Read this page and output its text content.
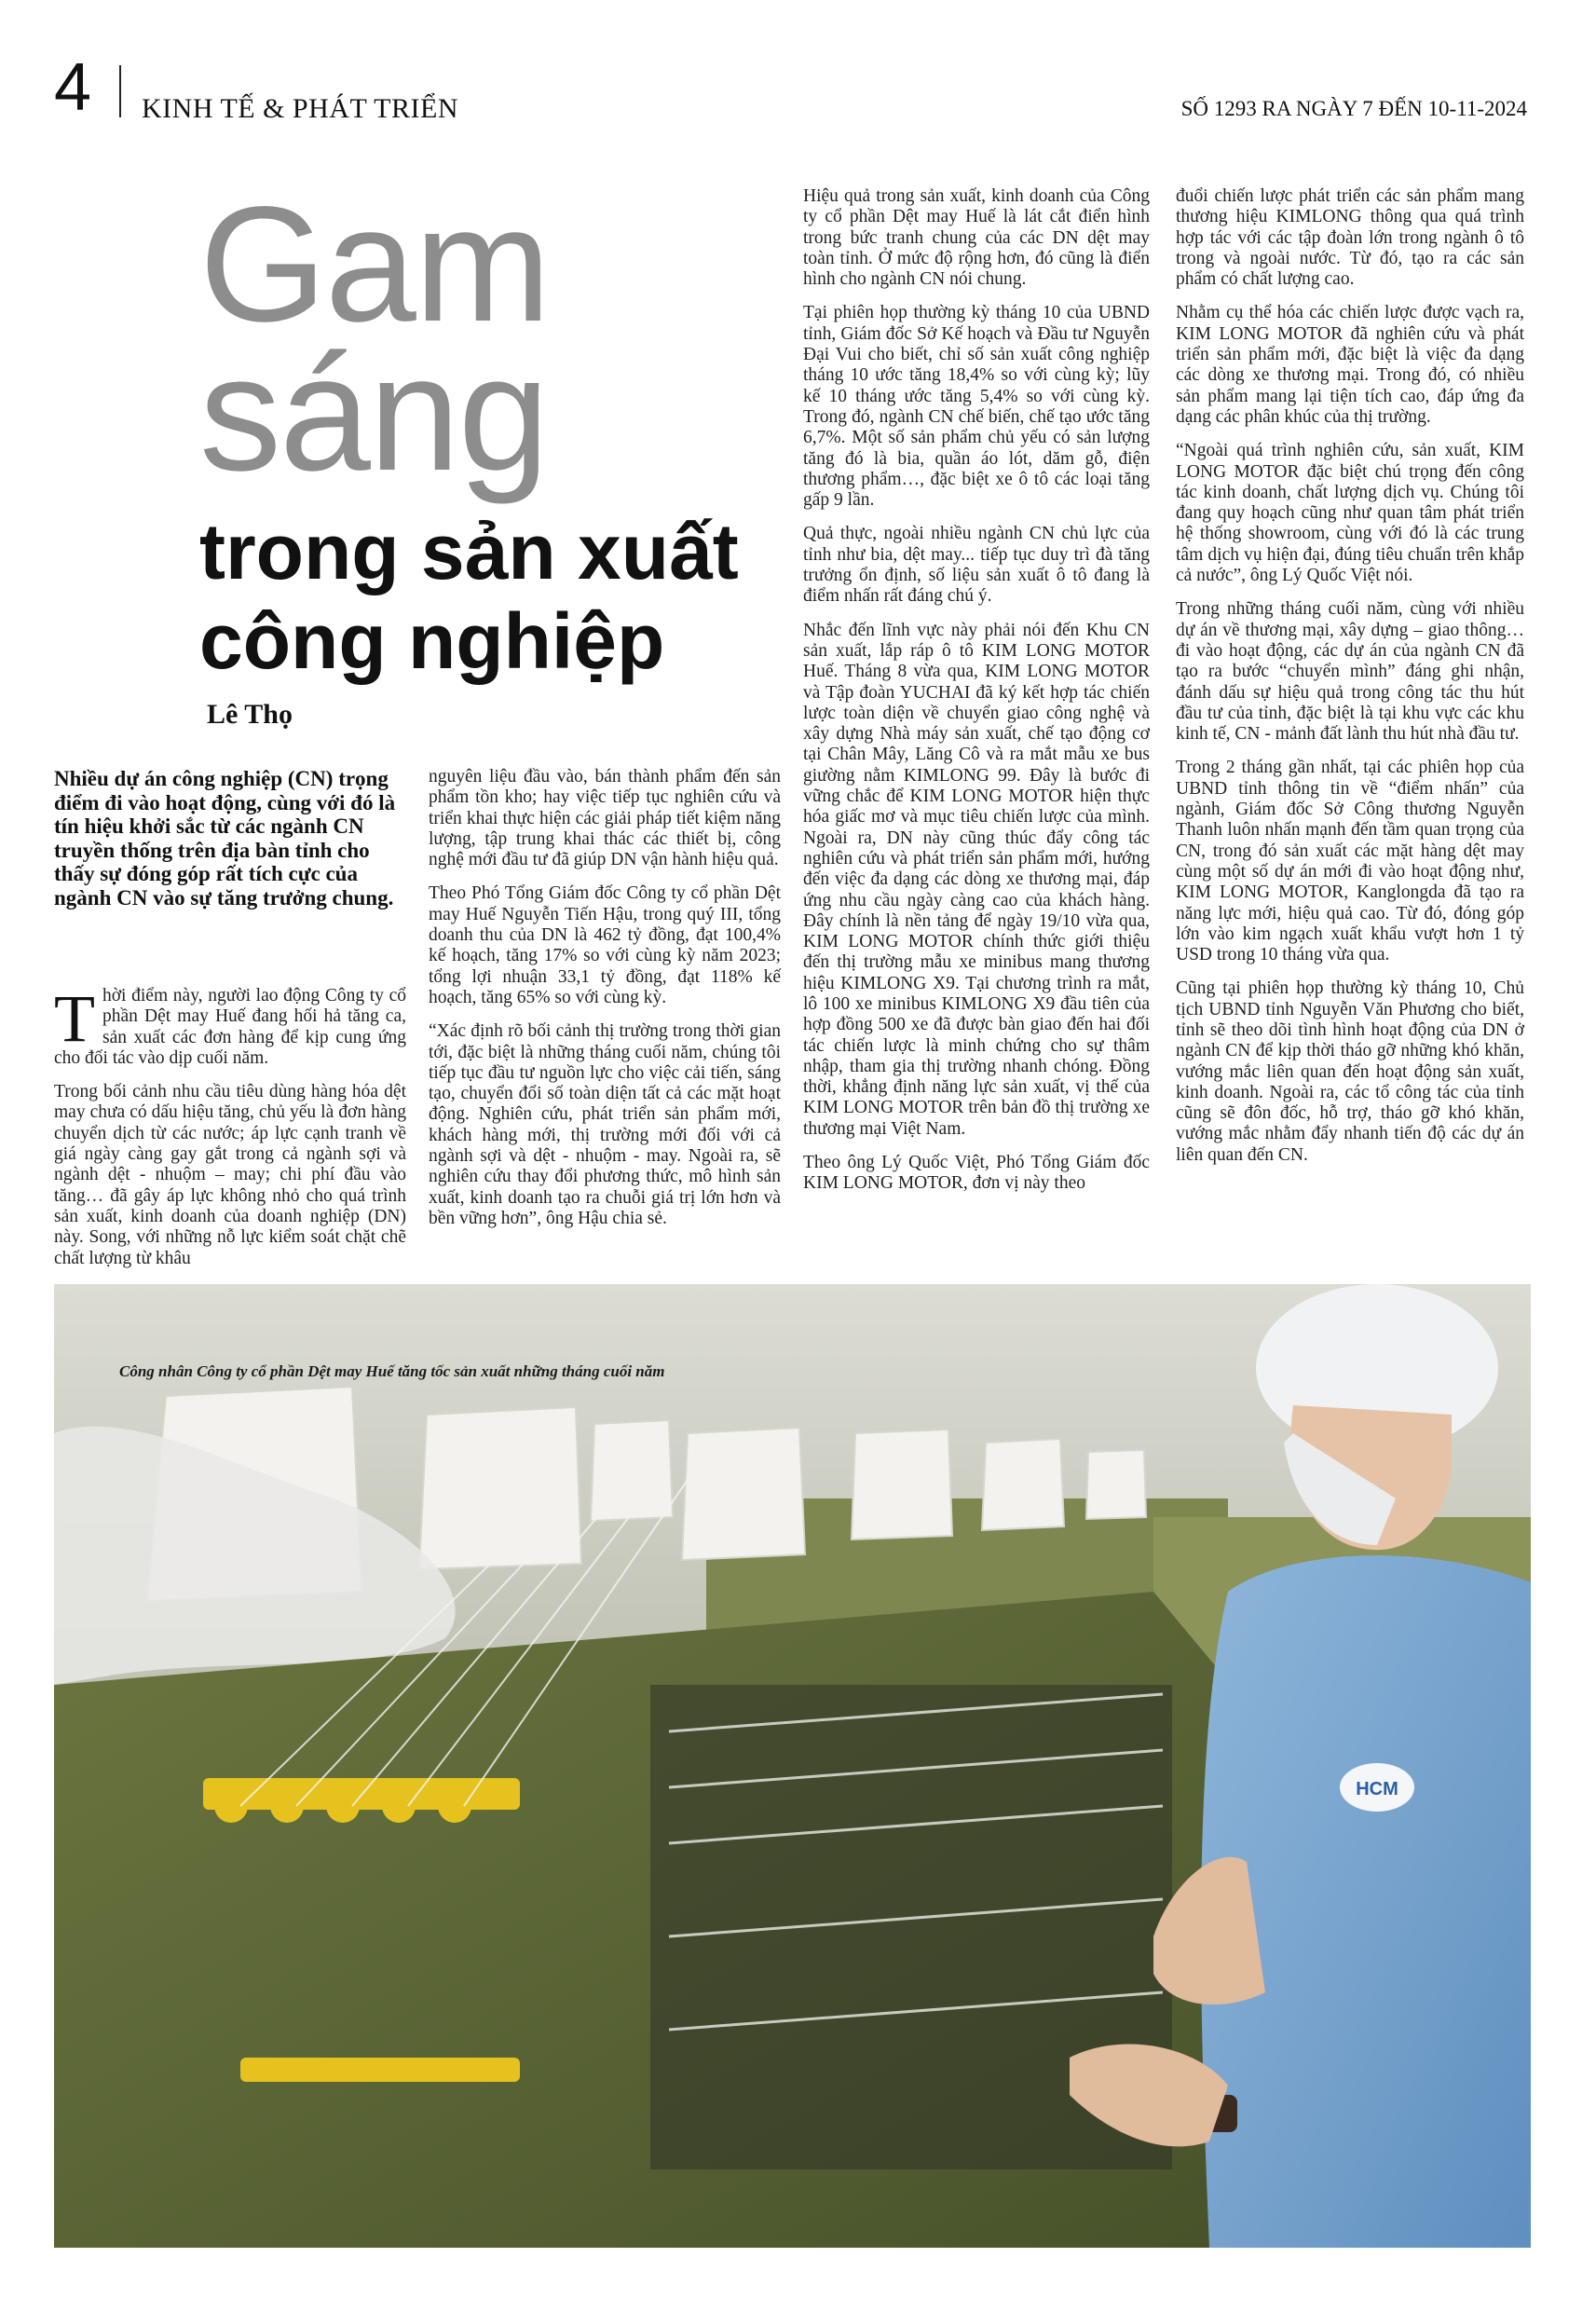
4 KINH TẾ & PHÁT TRIỂN	SỐ 1293 RA NGÀY 7 ĐẾN 10-11-2024
Gam
sáng
trong sản xuất
công nghiệp
Lê Thọ
Nhiều dự án công nghiệp (CN) trọng điểm đi vào hoạt động, cùng với đó là tín hiệu khởi sắc từ các ngành CN truyền thống trên địa bàn tỉnh cho thấy sự đóng góp rất tích cực của ngành CN vào sự tăng trưởng chung.

Thời điểm này, người lao động Công ty cổ phần Dệt may Huế đang hối hả tăng ca, sản xuất các đơn hàng để kịp cung ứng cho đối tác vào dịp cuối năm.

Trong bối cảnh nhu cầu tiêu dùng hàng hóa dệt may chưa có dấu hiệu tăng, chủ yếu là đơn hàng chuyển dịch từ các nước; áp lực cạnh tranh về giá ngày càng gay gắt trong cả ngành sợi và ngành dệt - nhuộm – may; chi phí đầu vào tăng… đã gây áp lực không nhỏ cho quá trình sản xuất, kinh doanh của doanh nghiệp (DN) này. Song, với những nỗ lực kiểm soát chặt chẽ chất lượng từ khâu

nguyên liệu đầu vào, bán thành phẩm đến sản phẩm tồn kho; hay việc tiếp tục nghiên cứu và triển khai thực hiện các giải pháp tiết kiệm năng lượng, tập trung khai thác các thiết bị, công nghệ mới đầu tư đã giúp DN vận hành hiệu quả.

Theo Phó Tổng Giám đốc Công ty cổ phần Dệt may Huế Nguyễn Tiến Hậu, trong quý III, tổng doanh thu của DN là 462 tỷ đồng, đạt 100,4% kế hoạch, tăng 17% so với cùng kỳ năm 2023; tổng lợi nhuận 33,1 tỷ đồng, đạt 118% kế hoạch, tăng 65% so với cùng kỳ.

“Xác định rõ bối cảnh thị trường trong thời gian tới, đặc biệt là những tháng cuối năm, chúng tôi tiếp tục đầu tư nguồn lực cho việc cải tiến, sáng tạo, chuyển đổi số toàn diện tất cả các mặt hoạt động. Nghiên cứu, phát triển sản phẩm mới, khách hàng mới, thị trường mới đối với cả ngành sợi và dệt - nhuộm - may. Ngoài ra, sẽ nghiên cứu thay đổi phương thức, mô hình sản xuất, kinh doanh tạo ra chuỗi giá trị lớn hơn và bền vững hơn”, ông Hậu chia sẻ.

Hiệu quả trong sản xuất, kinh doanh của Công ty cổ phần Dệt may Huế là lát cắt điển hình trong bức tranh chung của các DN dệt may toàn tỉnh. Ở mức độ rộng hơn, đó cũng là điển hình cho ngành CN nói chung.

Tại phiên họp thường kỳ tháng 10 của UBND tỉnh, Giám đốc Sở Kế hoạch và Đầu tư Nguyễn Đại Vui cho biết, chỉ số sản xuất công nghiệp tháng 10 ước tăng 18,4% so với cùng kỳ; lũy kế 10 tháng ước tăng 5,4% so với cùng kỳ. Trong đó, ngành CN chế biến, chế tạo ước tăng 6,7%. Một số sản phẩm chủ yếu có sản lượng tăng đó là bia, quần áo lót, dăm gỗ, điện thương phẩm…, đặc biệt xe ô tô các loại tăng gấp 9 lần.

Quả thực, ngoài nhiều ngành CN chủ lực của tỉnh như bia, dệt may... tiếp tục duy trì đà tăng trưởng ổn định, số liệu sản xuất ô tô đang là điểm nhấn rất đáng chú ý.

Nhắc đến lĩnh vực này phải nói đến Khu CN sản xuất, lắp ráp ô tô KIM LONG MOTOR Huế. Tháng 8 vừa qua, KIM LONG MOTOR và Tập đoàn YUCHAI đã ký kết hợp tác chiến lược toàn diện về chuyển giao công nghệ và xây dựng Nhà máy sản xuất, chế tạo động cơ tại Chân Mây, Lăng Cô và ra mắt mẫu xe bus giường nằm KIMLONG 99. Đây là bước đi vững chắc để KIM LONG MOTOR hiện thực hóa giấc mơ và mục tiêu chiến lược của mình. Ngoài ra, DN này cũng thúc đẩy công tác nghiên cứu và phát triển sản phẩm mới, hướng đến việc đa dạng các dòng xe thương mại, đáp ứng nhu cầu ngày càng cao của khách hàng. Đây chính là nền tảng để ngày 19/10 vừa qua, KIM LONG MOTOR chính thức giới thiệu đến thị trường mẫu xe minibus mang thương hiệu KIMLONG X9. Tại chương trình ra mắt, lô 100 xe minibus KIMLONG X9 đầu tiên của hợp đồng 500 xe đã được bàn giao đến hai đối tác chiến lược là minh chứng cho sự thâm nhập, tham gia thị trường nhanh chóng. Đồng thời, khẳng định năng lực sản xuất, vị thế của KIM LONG MOTOR trên bản đồ thị trường xe thương mại Việt Nam.

Theo ông Lý Quốc Việt, Phó Tổng Giám đốc KIM LONG MOTOR, đơn vị này theo

đuổi chiến lược phát triển các sản phẩm mang thương hiệu KIMLONG thông qua quá trình hợp tác với các tập đoàn lớn trong ngành ô tô trong và ngoài nước. Từ đó, tạo ra các sản phẩm có chất lượng cao.

Nhằm cụ thể hóa các chiến lược được vạch ra, KIM LONG MOTOR đã nghiên cứu và phát triển sản phẩm mới, đặc biệt là việc đa dạng các dòng xe thương mại. Trong đó, có nhiều sản phẩm mang lại tiện tích cao, đáp ứng đa dạng các phân khúc của thị trường.

“Ngoài quá trình nghiên cứu, sản xuất, KIM LONG MOTOR đặc biệt chú trọng đến công tác kinh doanh, chất lượng dịch vụ. Chúng tôi đang quy hoạch cũng như quan tâm phát triển hệ thống showroom, cùng với đó là các trung tâm dịch vụ hiện đại, đúng tiêu chuẩn trên khắp cả nước”, ông Lý Quốc Việt nói.

Trong những tháng cuối năm, cùng với nhiều dự án về thương mại, xây dựng – giao thông… đi vào hoạt động, các dự án của ngành CN đã tạo ra bước “chuyển mình” đáng ghi nhận, đánh dấu sự hiệu quả trong công tác thu hút đầu tư của tỉnh, đặc biệt là tại khu vực các khu kinh tế, CN - mảnh đất lành thu hút nhà đầu tư.

Trong 2 tháng gần nhất, tại các phiên họp của UBND tỉnh thông tin về “điểm nhấn” của ngành, Giám đốc Sở Công thương Nguyễn Thanh luôn nhấn mạnh đến tầm quan trọng của CN, trong đó sản xuất các mặt hàng dệt may cùng một số dự án mới đi vào hoạt động như, KIM LONG MOTOR, Kanglongda đã tạo ra năng lực mới, hiệu quả cao. Từ đó, đóng góp lớn vào kim ngạch xuất khẩu vượt hơn 1 tỷ USD trong 10 tháng vừa qua.

Cũng tại phiên họp thường kỳ tháng 10, Chủ tịch UBND tỉnh Nguyễn Văn Phương cho biết, tỉnh sẽ theo dõi tình hình hoạt động của DN ở ngành CN để kịp thời tháo gỡ những khó khăn, vướng mắc liên quan đến hoạt động sản xuất, kinh doanh. Ngoài ra, các tổ công tác của tỉnh cũng sẽ đôn đốc, hỗ trợ, tháo gỡ khó khăn, vướng mắc nhằm đẩy nhanh tiến độ các dự án liên quan đến CN.

HCM
Công nhân Công ty cổ phần Dệt may Huế tăng tốc sản xuất những tháng cuối năm
